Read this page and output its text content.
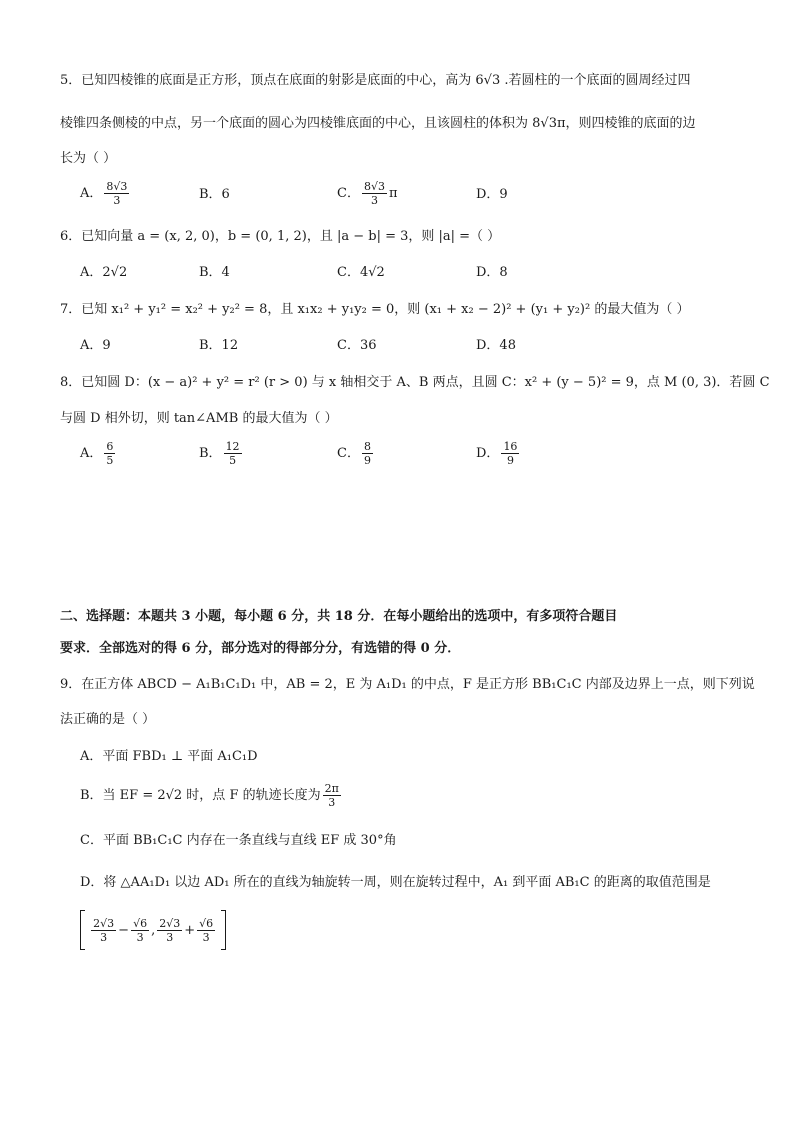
5．已知四棱锥的底面是正方形，顶点在底面的射影是底面的中心，高为 6√3 .若圆柱的一个底面的圆周经过四
棱锥四条侧棱的中点，另一个底面的圆心为四棱锥底面的中心，且该圆柱的体积为 8√3π，则四棱锥的底面的边
长为（ ）
A． $\frac{8√3}{3}$	B．6	C． $\frac{8√3}{3}$ π	D．9
6．已知向量 a = (x, 2, 0)，b = (0, 1, 2)，且 |a − b| = 3，则 |a| =（ ）
A．2√2	B．4	C．4√2	D．8
7．已知 x₁² + y₁² = x₂² + y₂² = 8，且 x₁x₂ + y₁y₂ = 0，则 (x₁ + x₂ − 2)² + (y₁ + y₂)² 的最大值为（ ）
A．9	B．12	C．36	D．48
8．已知圆 D：(x − a)² + y² = r² (r > 0) 与 x 轴相交于 A、B 两点，且圆 C：x² + (y − 5)² = 9，点 M (0, 3)．若圆 C
与圆 D 相外切，则 tan∠AMB 的最大值为（ ）
A． $\frac{6}{5}$	B． $\frac{12}{5}$	C． $\frac{8}{9}$	D． $\frac{16}{9}$
二、选择题：本题共 3 小题，每小题 6 分，共 18 分．在每小题给出的选项中，有多项符合题目
要求．全部选对的得 6 分，部分选对的得部分分，有选错的得 0 分．
9．在正方体 ABCD − A₁B₁C₁D₁ 中，AB = 2，E 为 A₁D₁ 的中点，F 是正方形 BB₁C₁C 内部及边界上一点，则下列说
法正确的是（ ）
A．平面 FBD₁ ⊥ 平面 A₁C₁D
B．当 EF = 2√2 时，点 F 的轨迹长度为 $\frac{2\pi}{3}$
C．平面 BB₁C₁C 内存在一条直线与直线 EF 成 30°角
D．将 △AA₁D₁ 以边 AD₁ 所在的直线为轴旋转一周，则在旋转过程中，A₁ 到平面 AB₁C 的距离的取值范围是

$\frac{2√3}{3} - \frac{√6}{3}$ , $\frac{2√3}{3} + \frac{√6}{3}$
